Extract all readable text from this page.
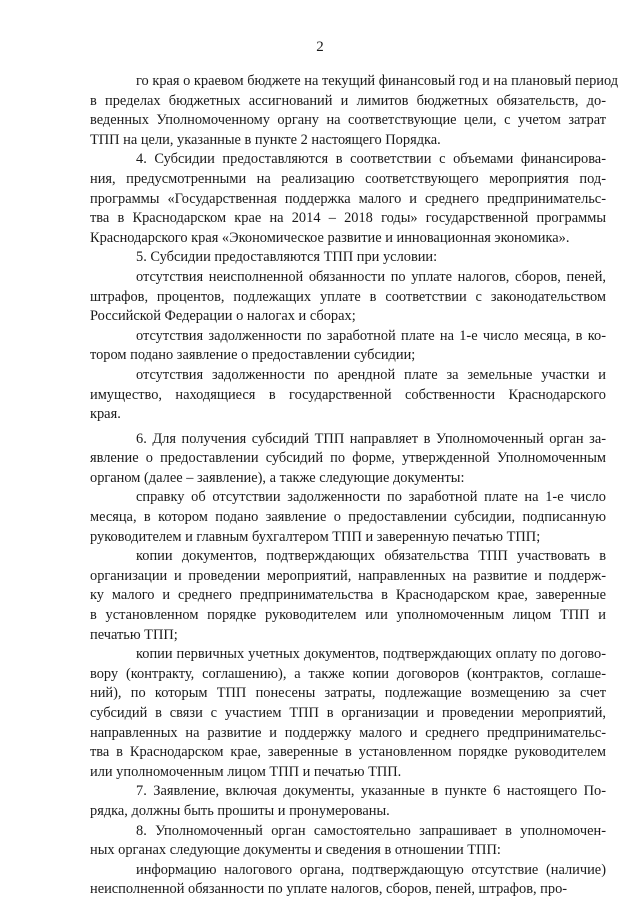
2
го края о краевом бюджете на текущий финансовый год и на плановый период
в пределах бюджетных ассигнований и лимитов бюджетных обязательств, до-
веденных Уполномоченному органу на соответствующие цели, с учетом затрат
ТПП на цели, указанные в пункте 2 настоящего Порядка.
4. Субсидии предоставляются в соответствии с объемами финансирова-
ния, предусмотренными на реализацию соответствующего мероприятия под-
программы «Государственная поддержка малого и среднего предпринимательс-
тва в Краснодарском крае на 2014 – 2018 годы» государственной программы
Краснодарского края «Экономическое развитие и инновационная экономика».
5. Субсидии предоставляются ТПП при условии:
отсутствия неисполненной обязанности по уплате налогов, сборов, пеней,
штрафов, процентов, подлежащих уплате в соответствии с законодательством
Российской Федерации о налогах и сборах;
отсутствия задолженности по заработной плате на 1-е число месяца, в ко-
тором подано заявление о предоставлении субсидии;
отсутствия задолженности по арендной плате за земельные участки и
имущество, находящиеся в государственной собственности Краснодарского
края.
6. Для получения субсидий ТПП направляет в Уполномоченный орган за-
явление о предоставлении субсидий по форме, утвержденной Уполномоченным
органом (далее – заявление), а также следующие документы:
справку об отсутствии задолженности по заработной плате на 1-е число
месяца, в котором подано заявление о предоставлении субсидии, подписанную
руководителем и главным бухгалтером ТПП и заверенную печатью ТПП;
копии документов, подтверждающих обязательства ТПП участвовать в
организации и проведении мероприятий, направленных на развитие и поддерж-
ку малого и среднего предпринимательства в Краснодарском крае, заверенные
в установленном порядке руководителем или уполномоченным лицом ТПП и
печатью ТПП;
копии первичных учетных документов, подтверждающих оплату по догово-
вору (контракту, соглашению), а также копии договоров (контрактов, соглаше-
ний), по которым ТПП понесены затраты, подлежащие возмещению за счет
субсидий в связи с участием ТПП в организации и проведении мероприятий,
направленных на развитие и поддержку малого и среднего предпринимательс-
тва в Краснодарском крае, заверенные в установленном порядке руководителем
или уполномоченным лицом ТПП и печатью ТПП.
7. Заявление, включая документы, указанные в пункте 6 настоящего По-
рядка, должны быть прошиты и пронумерованы.
8. Уполномоченный орган самостоятельно запрашивает в уполномочен-
ных органах следующие документы и сведения в отношении ТПП:
информацию налогового органа, подтверждающую отсутствие (наличие)
неисполненной обязанности по уплате налогов, сборов, пеней, штрафов, про-
